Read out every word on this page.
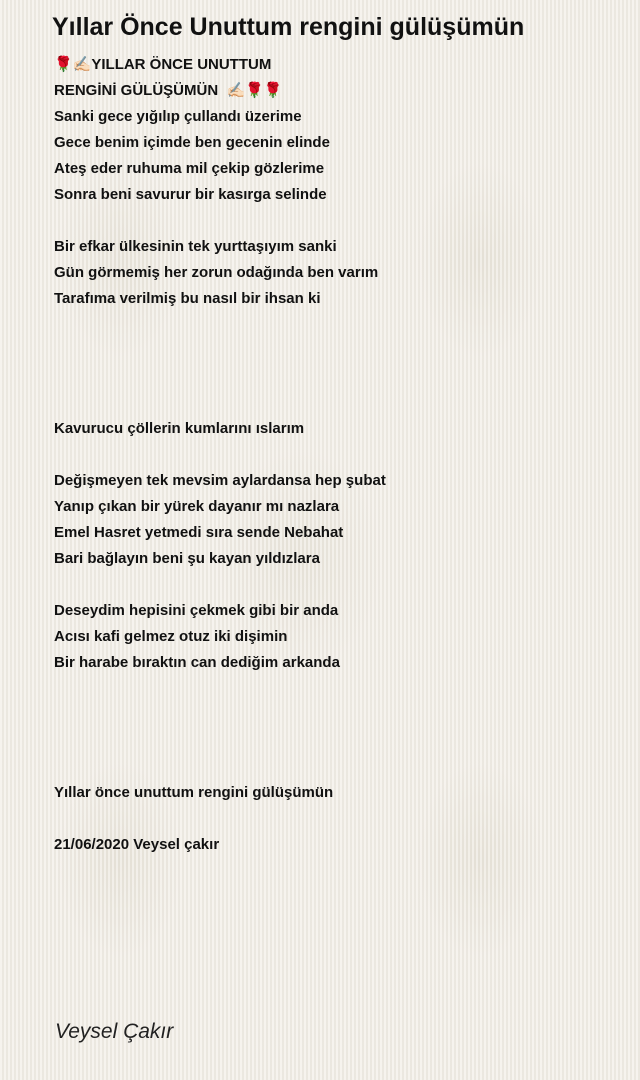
Yıllar Önce Unuttum rengini gülüşümün
🌹✍🏻YILLAR ÖNCE UNUTTUM
RENGİNİ GÜLÜŞÜMÜN  ✍🏻🌹🌹
Sanki gece yığılıp çullandı üzerime
Gece benim içimde ben gecenin elinde
Ateş eder ruhuma mil çekip gözlerime
Sonra beni savurur bir kasırga selinde
Bir efkar ülkesinin tek yurttaşıyım sanki
Gün görmemiş her zorun odağında ben varım
Tarafıma verilmiş bu nasıl bir ihsan ki
Kavurucu çöllerin kumlarını ıslarım
Değişmeyen tek mevsim aylardansa hep şubat
Yanıp çıkan bir yürek dayanır mı nazlara
Emel Hasret yetmedi sıra sende Nebahat
Bari bağlayın beni şu kayan yıldızlara
Deseydim hepisini çekmek gibi bir anda
Acısı kafi gelmez otuz iki dişimin
Bir harabe bıraktın can dediğim arkanda
Yıllar önce unuttum rengini gülüşümün
21/06/2020 Veysel çakır
Veysel Çakır
